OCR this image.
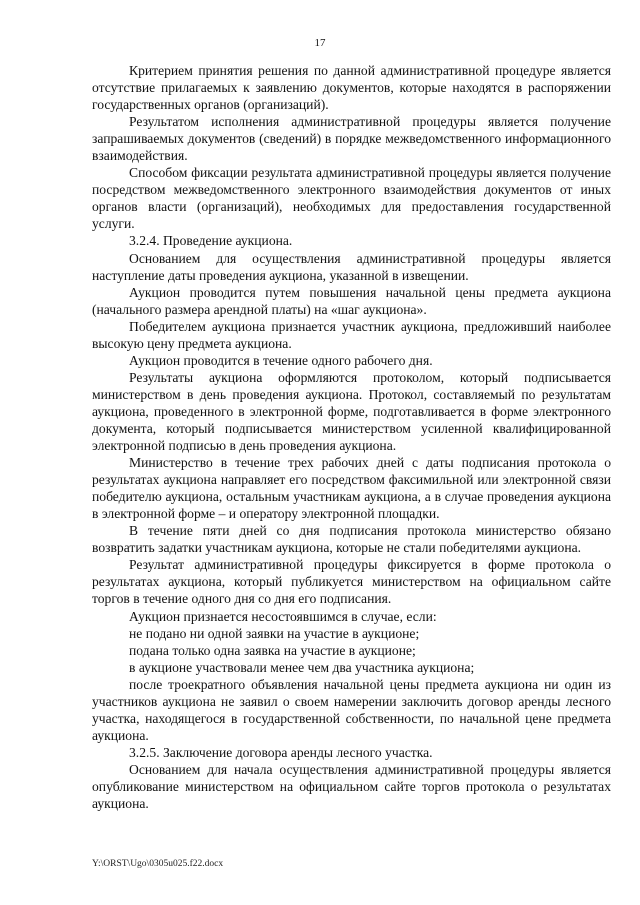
17

Критерием принятия решения по данной административной процедуре является отсутствие прилагаемых к заявлению документов, которые находятся в распоряжении государственных органов (организаций).

Результатом исполнения административной процедуры является получение запрашиваемых документов (сведений) в порядке межведомственного информационного взаимодействия.

Способом фиксации результата административной процедуры является получение посредством межведомственного электронного взаимодействия документов от иных органов власти (организаций), необходимых для предоставления государственной услуги.

3.2.4. Проведение аукциона.

Основанием для осуществления административной процедуры является наступление даты проведения аукциона, указанной в извещении.

Аукцион проводится путем повышения начальной цены предмета аукциона (начального размера арендной платы) на «шаг аукциона».

Победителем аукциона признается участник аукциона, предложивший наиболее высокую цену предмета аукциона.

Аукцион проводится в течение одного рабочего дня.

Результаты аукциона оформляются протоколом, который подписывается министерством в день проведения аукциона. Протокол, составляемый по результатам аукциона, проведенного в электронной форме, подготавливается в форме электронного документа, который подписывается министерством усиленной квалифицированной электронной подписью в день проведения аукциона.

Министерство в течение трех рабочих дней с даты подписания протокола о результатах аукциона направляет его посредством факсимильной или электронной связи победителю аукциона, остальным участникам аукциона, а в случае проведения аукциона в электронной форме – и оператору электронной площадки.

В течение пяти дней со дня подписания протокола министерство обязано возвратить задатки участникам аукциона, которые не стали победителями аукциона.

Результат административной процедуры фиксируется в форме протокола о результатах аукциона, который публикуется министерством на официальном сайте торгов в течение одного дня со дня его подписания.

Аукцион признается несостоявшимся в случае, если:

не подано ни одной заявки на участие в аукционе;

подана только одна заявка на участие в аукционе;

в аукционе участвовали менее чем два участника аукциона;

после троекратного объявления начальной цены предмета аукциона ни один из участников аукциона не заявил о своем намерении заключить договор аренды лесного участка, находящегося в государственной собственности, по начальной цене предмета аукциона.

3.2.5. Заключение договора аренды лесного участка.

Основанием для начала осуществления административной процедуры является опубликование министерством на официальном сайте торгов протокола о результатах аукциона.

Y:\ORST\Ugo\0305u025.f22.docx
